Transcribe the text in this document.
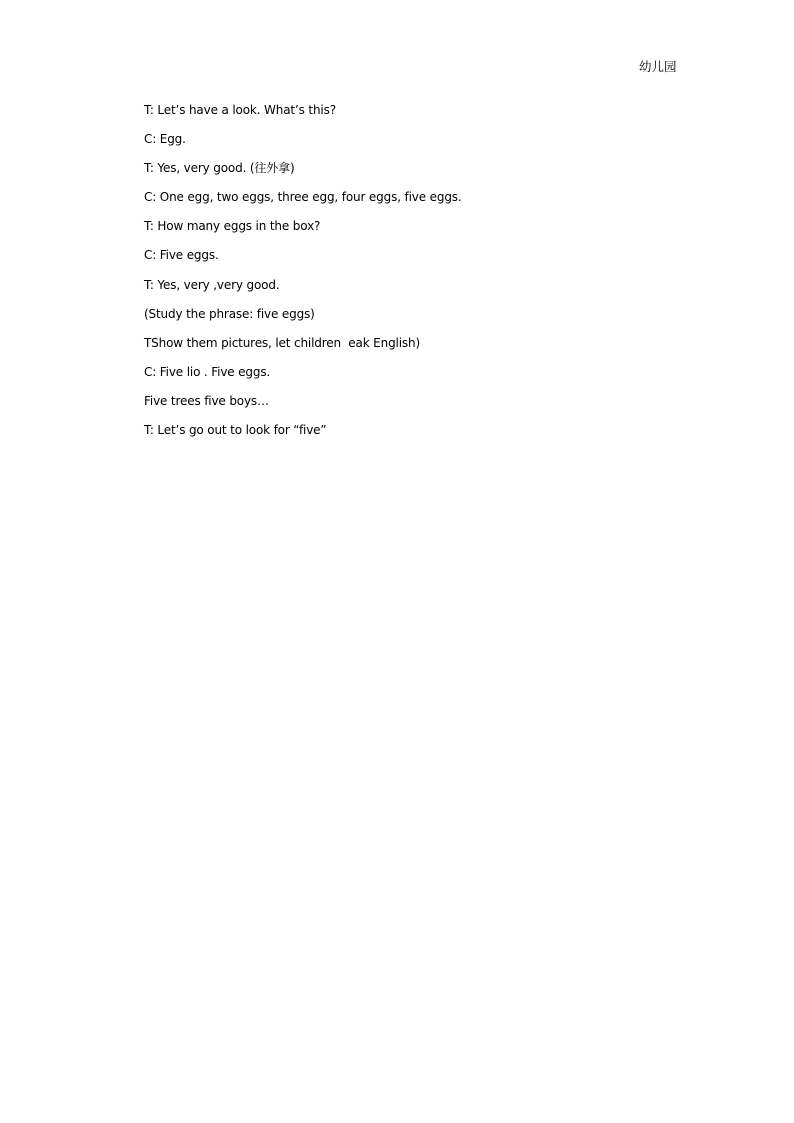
幼儿园
T: Let’s have a look. What’s this?
C: Egg.
T: Yes, very good. (往外拿)
C: One egg, two eggs, three egg, four eggs, five eggs.
T: How many eggs in the box?
C: Five eggs.
T: Yes, very ,very good.
(Study the phrase: five eggs)
TShow them pictures, let children  eak English)
C: Five lio . Five eggs.
Five trees five boys…
T: Let’s go out to look for “five”
